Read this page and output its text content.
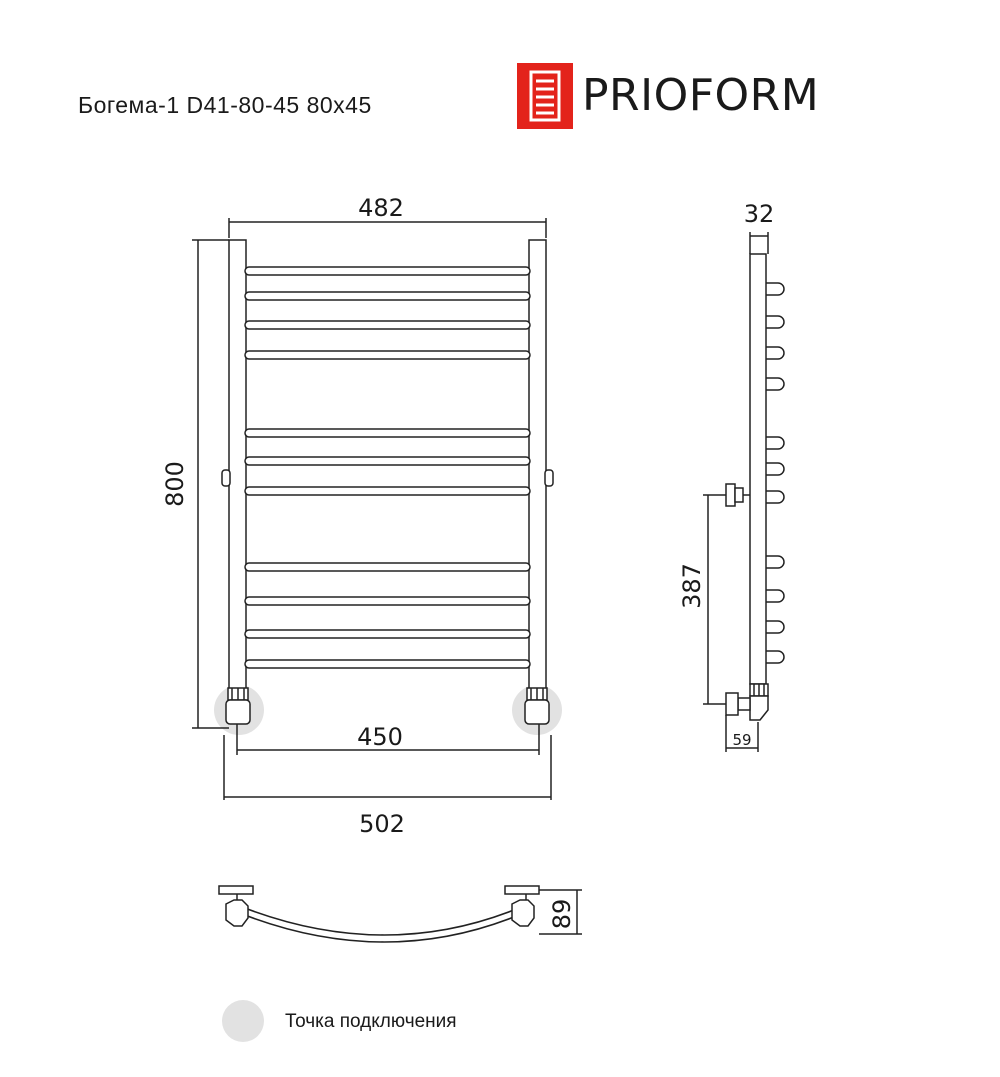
Богема-1 D41-80-45 80x45	PRIOFORM
482
800
450
502
32
387
59
89
Точка подключения
